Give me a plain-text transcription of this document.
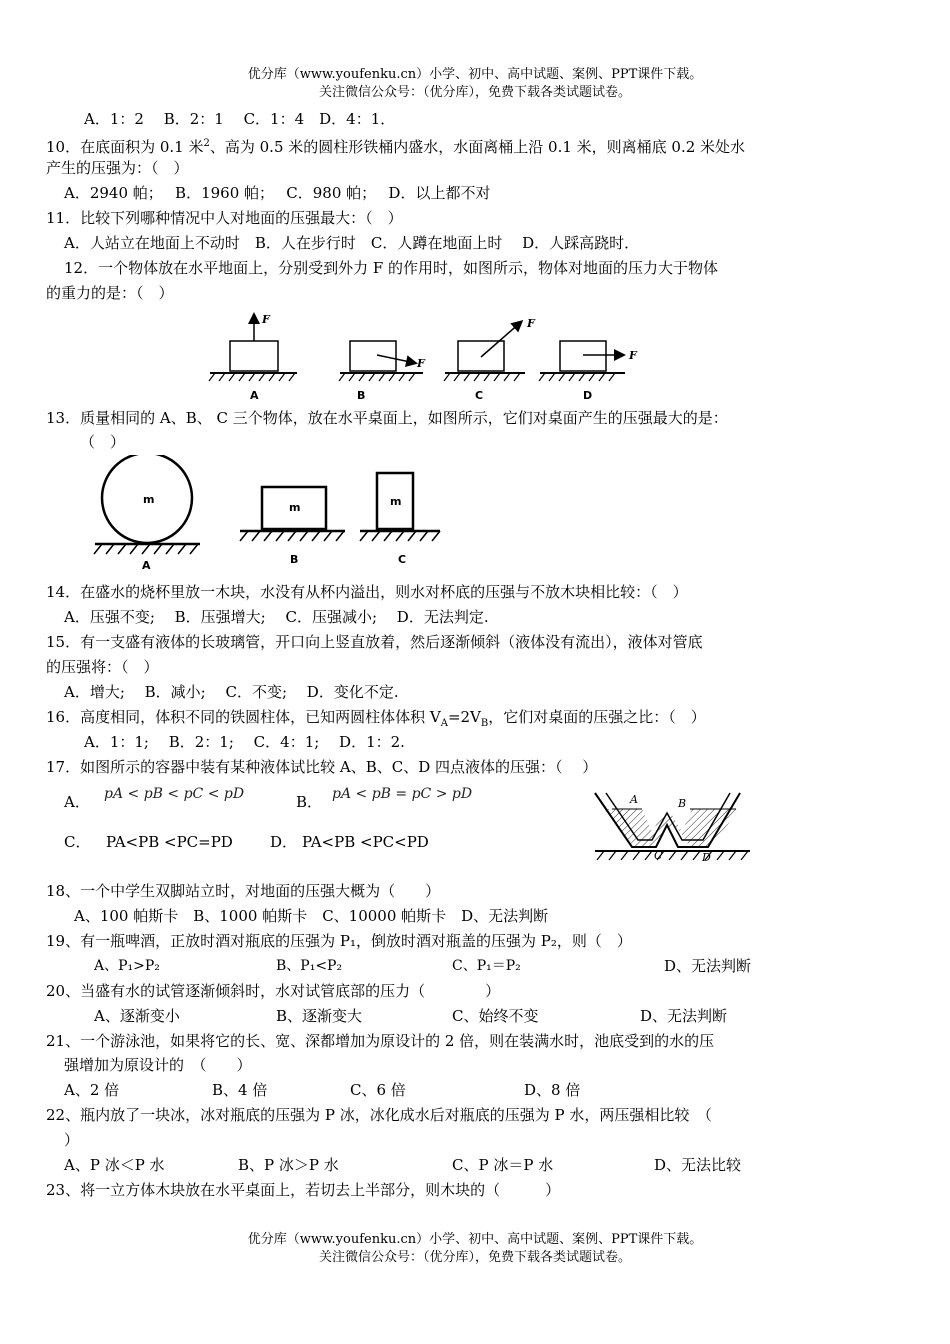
优分库（www.youfenku.cn）小学、初中、高中试题、案例、PPT课件下载。
关注微信公众号：（优分库），免费下载各类试题试卷。
A．1：2　 B．2：1　 C．1：4　D．4：1．
10．在底面积为 0.1 米$^2$、高为 0.5 米的圆柱形铁桶内盛水，水面离桶上沿 0.1 米，则离桶底 0.2 米处水
产生的压强为：（　）
A．2940 帕；　 B．1960 帕；　 C．980 帕；　 D．以上都不对
11．比较下列哪种情况中人对地面的压强最大：（　）
A．人站立在地面上不动时　B．人在步行时　C．人蹲在地面上时　 D．人踩高跷时．
12．一个物体放在水平地面上，分别受到外力 F 的作用时，如图所示，物体对地面的压力大于物体
的重力的是：（　）
F
A
F
B
F
C
F
D
13．质量相同的 A、B、 C 三个物体，放在水平桌面上，如图所示，它们对桌面产生的压强最大的是：
（　）
m
A
m
B
m
C
14．在盛水的烧杯里放一木块，水没有从杯内溢出，则水对杯底的压强与不放木块相比较：（　）
A．压强不变;　 B．压强增大;　 C．压强减小;　 D．无法判定.
15．有一支盛有液体的长玻璃管，开口向上竖直放着，然后逐渐倾斜（液体没有流出），液体对管底
的压强将：（　）
A．增大;　 B．减小;　 C．不变;　 D．变化不定.
16．高度相同，体积不同的铁圆柱体，已知两圆柱体体积 $V_A=2V_B$，它们对桌面的压强之比：（　）
A．1：1;　 B．2：1;　 C．4：1;　 D．1：2.
17．如图所示的容器中装有某种液体试比较 A、B、C、D 四点液体的压强：（　 ）
A． pA < pB < pC < pD	B． pA < pB = pC > pD
C． PA<PB <PC=PD D． PA<PB <PC<PD
A	B
C	D
18、一个中学生双脚站立时，对地面的压强大概为（　　）
A、100 帕斯卡　B、1000 帕斯卡　C、10000 帕斯卡　D、无法判断
19、有一瓶啤酒，正放时酒对瓶底的压强为 P₁，倒放时酒对瓶盖的压强为 P₂，则（　）
A、P₁>P₂	B、P₁<P₂	C、P₁＝P₂	D、无法判断
20、当盛有水的试管逐渐倾斜时，水对试管底部的压力（　　　　）
A、逐渐变小	B、逐渐变大	C、始终不变	D、无法判断
21、一个游泳池，如果将它的长、宽、深都增加为原设计的 2 倍，则在装满水时，池底受到的水的压
强增加为原设计的　（　　）
A、2 倍	B、4 倍	C、6 倍	D、8 倍
22、瓶内放了一块冰，冰对瓶底的压强为 P 冰，冰化成水后对瓶底的压强为 P 水，两压强相比较　（
）
A、P 冰＜P 水	B、P 冰＞P 水	C、P 冰＝P 水	D、无法比较
23、将一立方体木块放在水平桌面上，若切去上半部分，则木块的（　　　）
优分库（www.youfenku.cn）小学、初中、高中试题、案例、PPT课件下载。
关注微信公众号：（优分库），免费下载各类试题试卷。
